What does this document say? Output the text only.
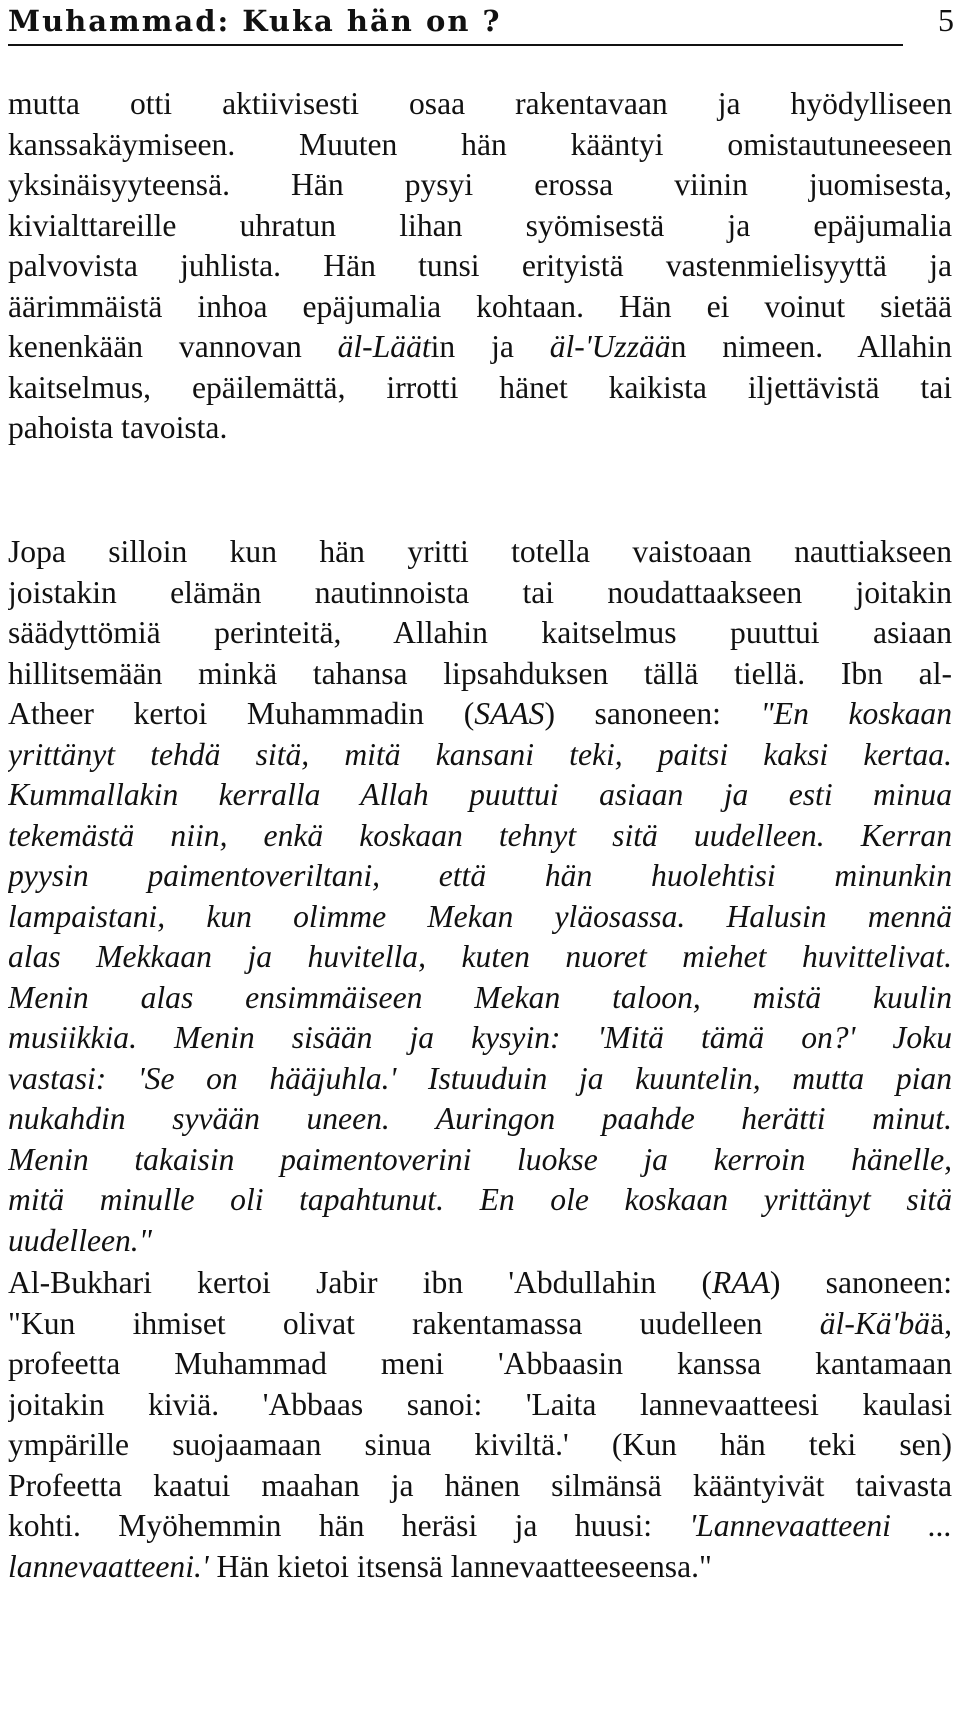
Muhammad: Kuka hän on ?	5
mutta otti aktiivisesti osaa rakentavaan ja hyödylliseen
kanssakäymiseen. Muuten hän kääntyi omistautuneeseen
yksinäisyyteensä. Hän pysyi erossa viinin juomisesta,
kivialttareille uhratun lihan syömisestä ja epäjumalia
palvovista juhlista. Hän tunsi erityistä vastenmielisyyttä ja
äärimmäistä inhoa epäjumalia kohtaan. Hän ei voinut sietää
kenenkään vannovan äl-Läätin ja äl-'Uzzään nimeen. Allahin
kaitselmus, epäilemättä, irrotti hänet kaikista iljettävistä tai
pahoista tavoista.
Jopa silloin kun hän yritti totella vaistoaan nauttiakseen
joistakin elämän nautinnoista tai noudattaakseen joitakin
säädyttömiä perinteitä, Allahin kaitselmus puuttui asiaan
hillitsemään minkä tahansa lipsahduksen tällä tiellä. Ibn al-
Atheer kertoi Muhammadin (SAAS) sanoneen: "En koskaan
yrittänyt tehdä sitä, mitä kansani teki, paitsi kaksi kertaa.
Kummallakin kerralla Allah puuttui asiaan ja esti minua
tekemästä niin, enkä koskaan tehnyt sitä uudelleen. Kerran
pyysin paimentoveriltani, että hän huolehtisi minunkin
lampaistani, kun olimme Mekan yläosassa. Halusin mennä
alas Mekkaan ja huvitella, kuten nuoret miehet huvittelivat.
Menin alas ensimmäiseen Mekan taloon, mistä kuulin
musiikkia. Menin sisään ja kysyin: 'Mitä tämä on?' Joku
vastasi: 'Se on hääjuhla.' Istuuduin ja kuuntelin, mutta pian
nukahdin syvään uneen. Auringon paahde herätti minut.
Menin takaisin paimentoverini luokse ja kerroin hänelle,
mitä minulle oli tapahtunut. En ole koskaan yrittänyt sitä
uudelleen."
Al-Bukhari kertoi Jabir ibn 'Abdullahin (RAA) sanoneen:
"Kun ihmiset olivat rakentamassa uudelleen äl-Kä'bää,
profeetta Muhammad meni 'Abbaasin kanssa kantamaan
joitakin kiviä. 'Abbaas sanoi: 'Laita lannevaatteesi kaulasi
ympärille suojaamaan sinua kiviltä.' (Kun hän teki sen)
Profeetta kaatui maahan ja hänen silmänsä kääntyivät taivasta
kohti. Myöhemmin hän heräsi ja huusi: 'Lannevaatteeni ...
lannevaatteeni.' Hän kietoi itsensä lannevaatteeseensa."
